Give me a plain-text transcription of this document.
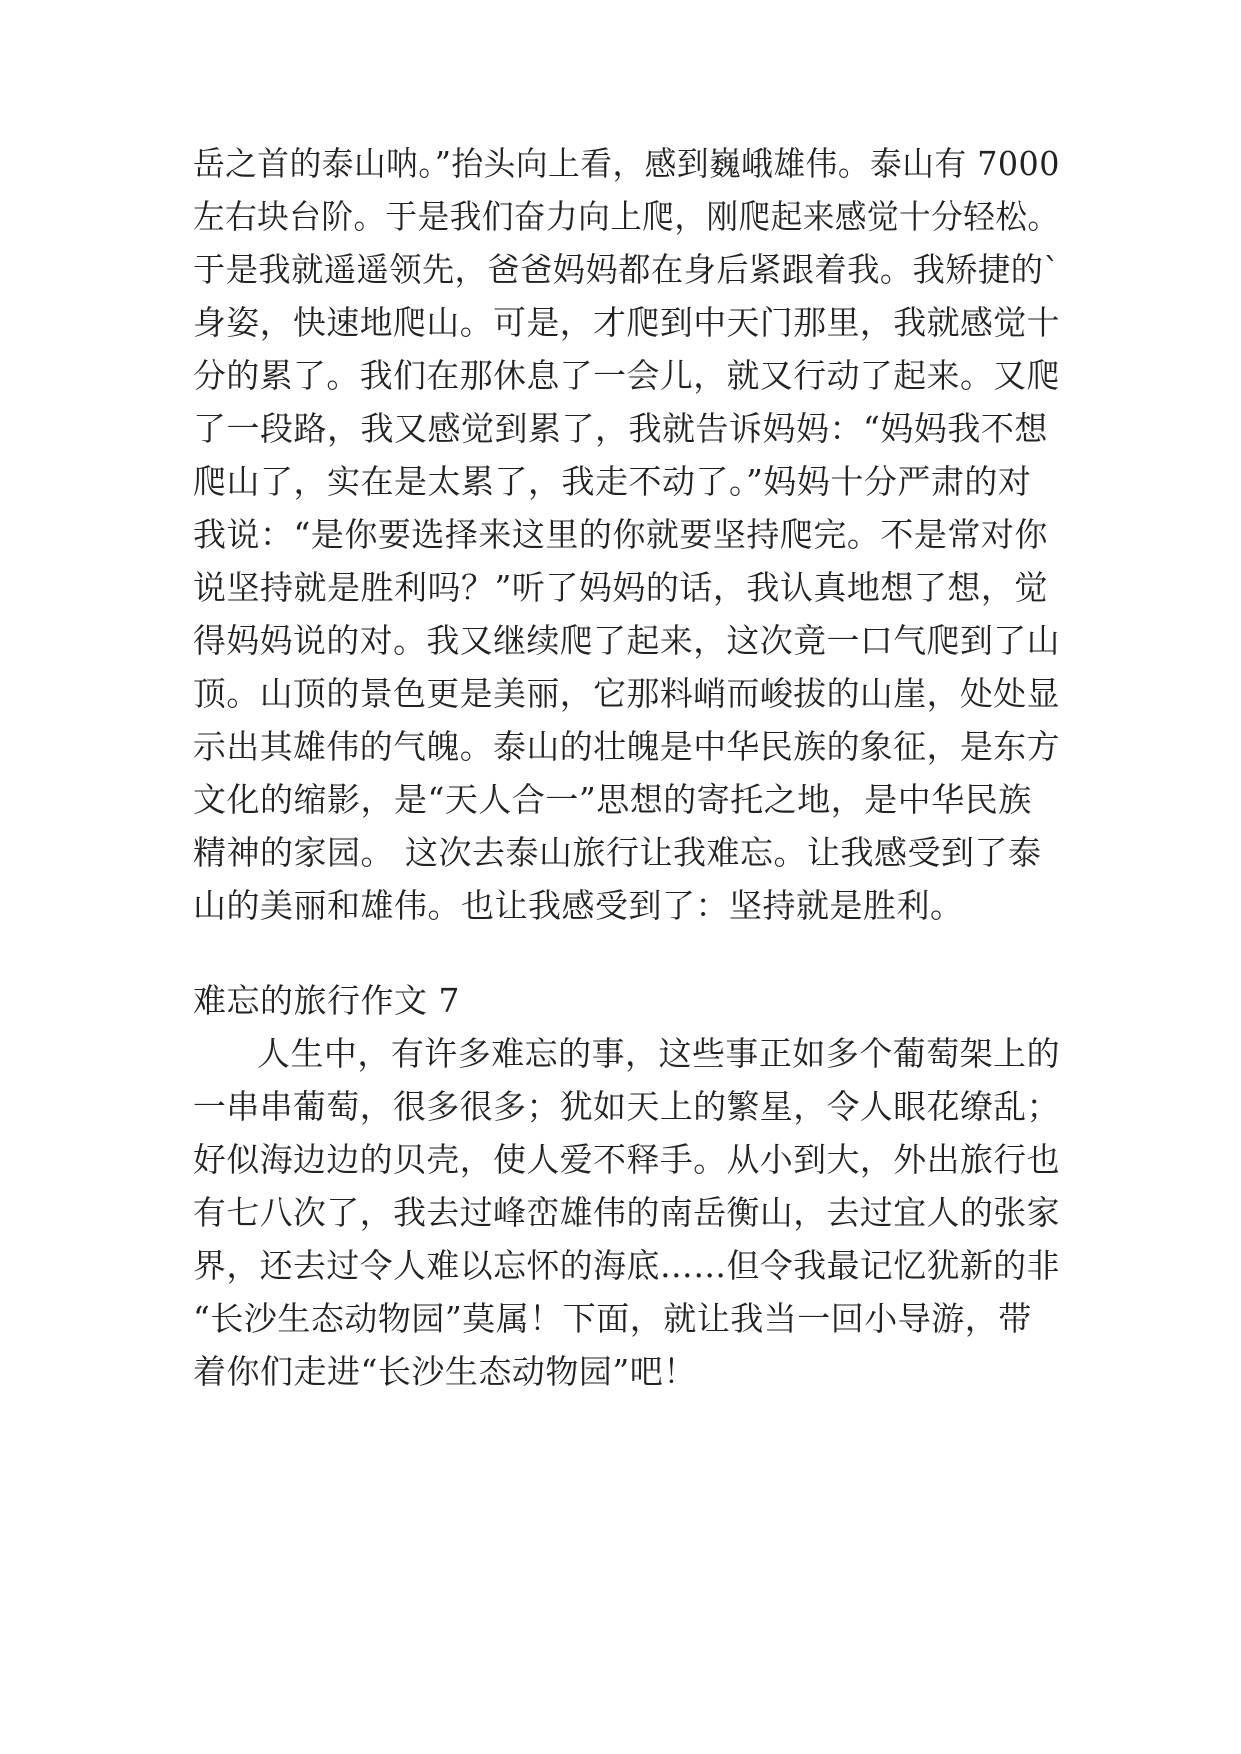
岳之首的泰山呐。”抬头向上看，感到巍峨雄伟。泰山有 7000

左右块台阶。于是我们奋力向上爬，刚爬起来感觉十分轻松。

于是我就遥遥领先，爸爸妈妈都在身后紧跟着我。我矫捷的`

身姿，快速地爬山。可是，才爬到中天门那里，我就感觉十

分的累了。我们在那休息了一会儿，就又行动了起来。又爬

了一段路，我又感觉到累了，我就告诉妈妈：“妈妈我不想

爬山了，实在是太累了，我走不动了。”妈妈十分严肃的对

我说：“是你要选择来这里的你就要坚持爬完。不是常对你

说坚持就是胜利吗？”听了妈妈的话，我认真地想了想，觉

得妈妈说的对。我又继续爬了起来，这次竟一口气爬到了山

顶。山顶的景色更是美丽，它那料峭而峻拔的山崖，处处显

示出其雄伟的气魄。泰山的壮魄是中华民族的象征，是东方

文化的缩影，是“天人合一”思想的寄托之地，是中华民族

精神的家园。 这次去泰山旅行让我难忘。让我感受到了泰

山的美丽和雄伟。也让我感受到了：坚持就是胜利。

难忘的旅行作文 7

人生中，有许多难忘的事，这些事正如多个葡萄架上的

一串串葡萄，很多很多；犹如天上的繁星，令人眼花缭乱；

好似海边边的贝壳，使人爱不释手。从小到大，外出旅行也

有七八次了，我去过峰峦雄伟的南岳衡山，去过宜人的张家

界，还去过令人难以忘怀的海底……但令我最记忆犹新的非

“长沙生态动物园”莫属！下面，就让我当一回小导游，带

着你们走进“长沙生态动物园”吧！
